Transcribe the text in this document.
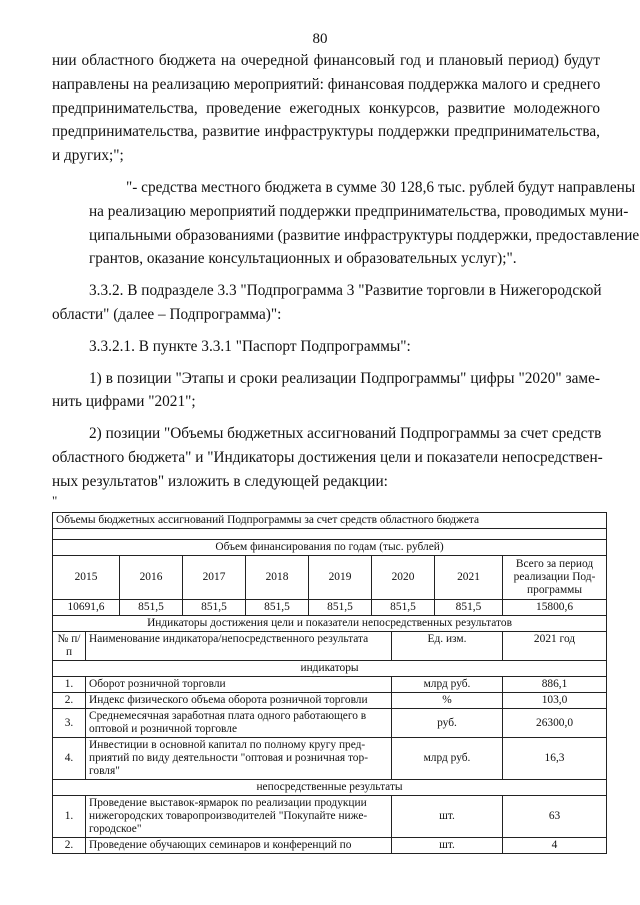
80

нии областного бюджета на очередной финансовый год и плановый период) будут
направлены на реализацию мероприятий: финансовая поддержка малого и среднего
предпринимательства, проведение ежегодных конкурсов, развитие молодежного
предпринимательства, развитие инфраструктуры поддержки предпринимательства,
и других;";

"- средства местного бюджета в сумме 30 128,6 тыс. рублей будут направлены
на реализацию мероприятий поддержки предпринимательства, проводимых муни-
ципальными образованиями (развитие инфраструктуры поддержки, предоставление
грантов, оказание консультационных и образовательных услуг);".

3.3.2. В подразделе 3.3 "Подпрограмма 3 "Развитие торговли в Нижегородской
области" (далее – Подпрограмма)":

3.3.2.1. В пункте 3.3.1 "Паспорт Подпрограммы":

1) в позиции "Этапы и сроки реализации Подпрограммы" цифры "2020" заме-
нить цифрами "2021";

2) позиции "Объемы бюджетных ассигнований Подпрограммы за счет средств
областного бюджета" и "Индикаторы достижения цели и показатели непосредствен-
ных результатов" изложить в следующей редакции:

"
Объемы бюджетных ассигнований Подпрограммы за счет средств областного бюджета									

Объем финансирования по годам (тыс. рублей)									
2015		2016	2017	2018	2019	2020		2021	Всего за период реализации Под-программы
10691,6		851,5	851,5	851,5	851,5	851,5		851,5	15800,6
Индикаторы достижения цели и показатели непосредственных результатов									
№ п/п	Наименование индикатора/непосредственного результата						Ед. изм.		2021 год
индикаторы									
1.	Оборот розничной торговли						млрд руб.		886,1
2.	Индекс физического объема оборота розничной торговли						%		103,0
3.	Среднемесячная заработная плата одного работающего в оптовой и розничной торговле						руб.		26300,0
4.	Инвестиции в основной капитал по полному кругу пред-приятий по виду деятельности "оптовая и розничная тор-говля"						млрд руб.		16,3
непосредственные результаты									
1.	Проведение выставок-ярмарок по реализации продукции нижегородских товаропроизводителей "Покупайте ниже-городское"						шт.		63
2.	Проведение обучающих семинаров и конференций по						шт.		4
